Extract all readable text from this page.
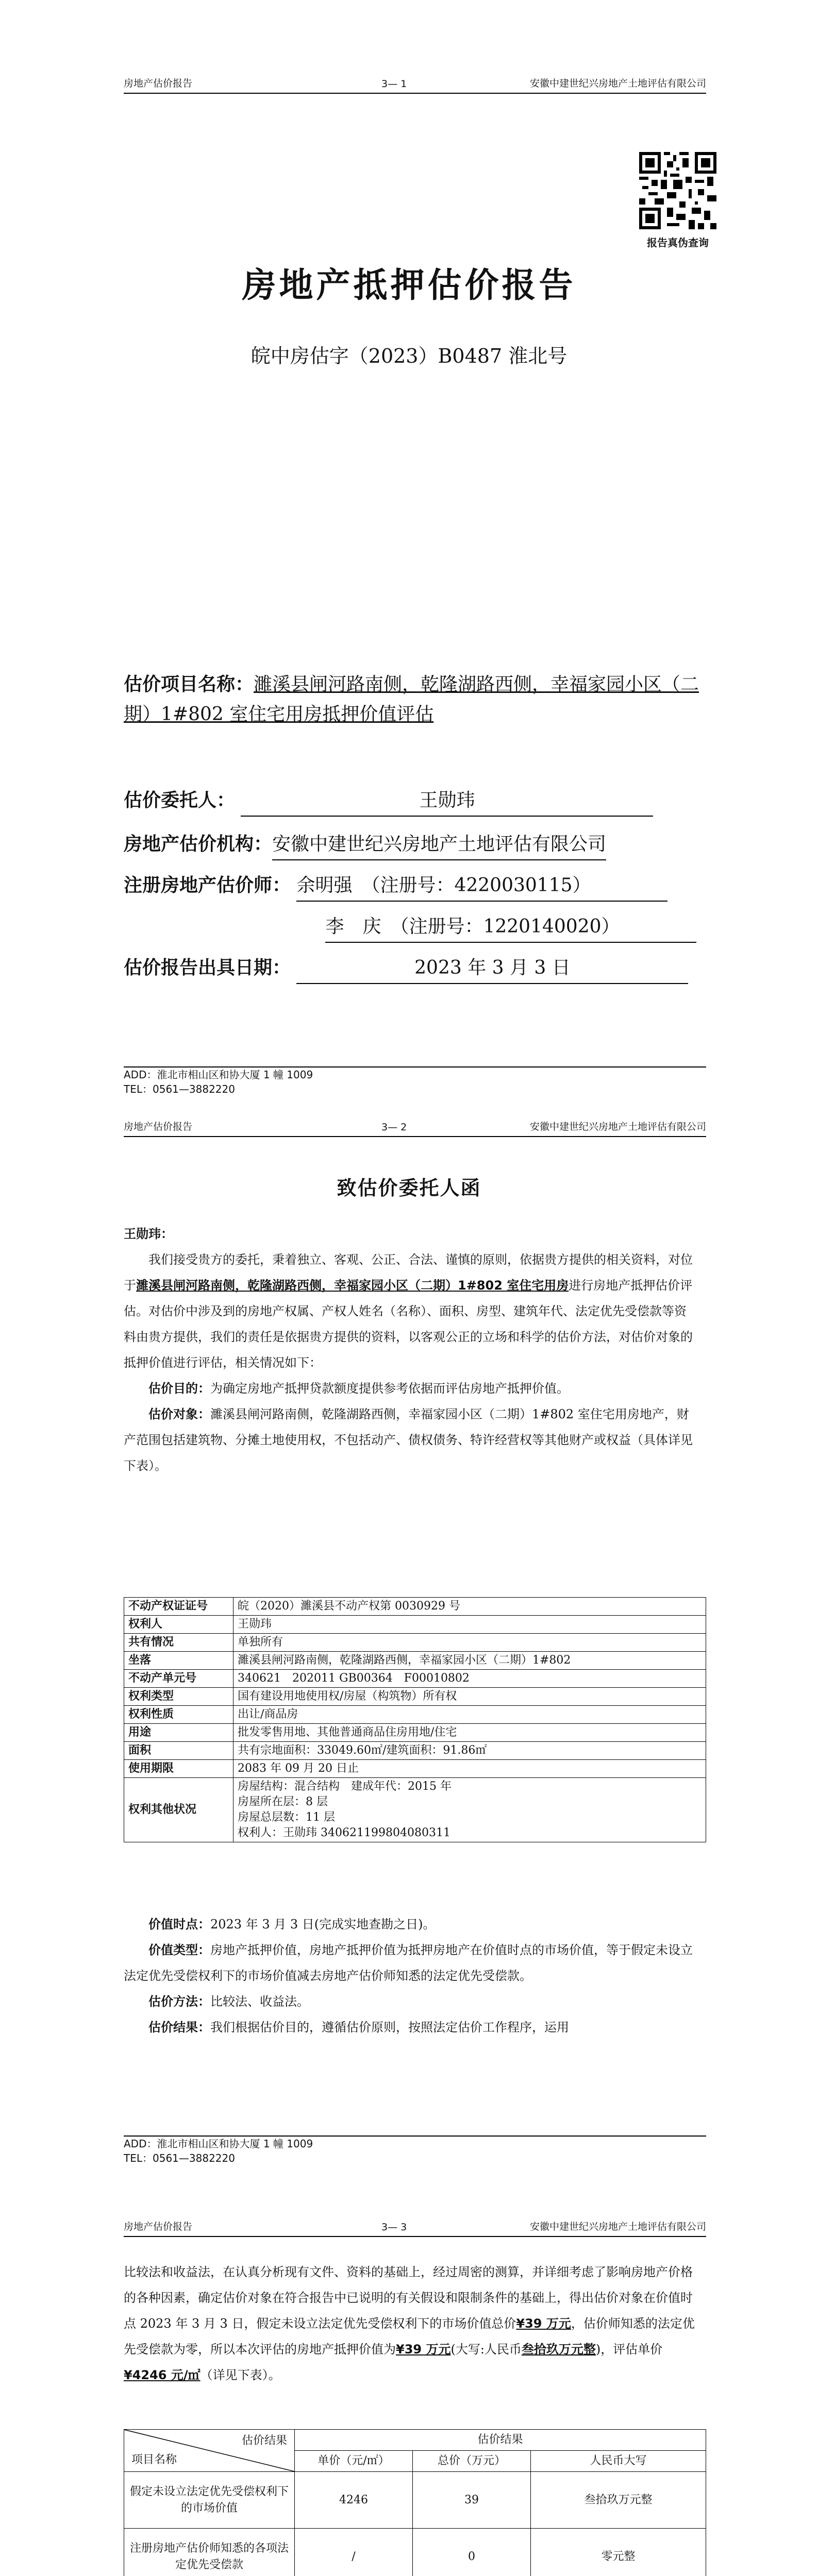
房地产估价报告	3— 1	安徽中建世纪兴房地产土地评估有限公司
报告真伪查询
房地产抵押估价报告
皖中房估字（2023）B0487 淮北号
估价项目名称：濉溪县闸河路南侧，乾隆湖路西侧，幸福家园小区（二期）1#802 室住宅用房抵押价值评估
估价委托人：	王勋玮
房地产估价机构：安徽中建世纪兴房地产土地评估有限公司
注册房地产估价师： 余明强　（注册号：4220030115）
李　庆　（注册号：1220140020）
估价报告出具日期：	2023 年 3 月 3 日
ADD：淮北市相山区和协大厦 1 幢 1009
TEL：0561—3882220
房地产估价报告	3— 2	安徽中建世纪兴房地产土地评估有限公司
致估价委托人函

王勋玮：

我们接受贵方的委托，秉着独立、客观、公正、合法、谨慎的原则，依据贵方提供的相关资料，对位于濉溪县闸河路南侧，乾隆湖路西侧，幸福家园小区（二期）1#802 室住宅用房进行房地产抵押估价评估。对估价中涉及到的房地产权属、产权人姓名（名称）、面积、房型、建筑年代、法定优先受偿款等资料由贵方提供，我们的责任是依据贵方提供的资料，以客观公正的立场和科学的估价方法，对估价对象的抵押价值进行评估，相关情况如下：

估价目的：为确定房地产抵押贷款额度提供参考依据而评估房地产抵押价值。

估价对象：濉溪县闸河路南侧，乾隆湖路西侧，幸福家园小区（二期）1#802 室住宅用房地产，财产范围包括建筑物、分摊土地使用权，不包括动产、债权债务、特许经营权等其他财产或权益（具体详见下表）。

不动产权证证号	皖（2020）濉溪县不动产权第 0030929 号
权利人	王勋玮
共有情况	单独所有
坐落	濉溪县闸河路南侧，乾隆湖路西侧，幸福家园小区（二期）1#802
不动产单元号	340621　202011 GB00364　F00010802
权利类型	国有建设用地使用权/房屋（构筑物）所有权
权利性质	出让/商品房
用途	批发零售用地、其他普通商品住房用地/住宅
面积	共有宗地面积：33049.60㎡/建筑面积：91.86㎡
使用期限	2083 年 09 月 20 日止
权利其他状况	房屋结构：混合结构　建成年代：2015 年
房屋所在层：8 层
房屋总层数：11 层
权利人：王勋玮 340621199804080311

价值时点：2023 年 3 月 3 日(完成实地查勘之日)。

价值类型：房地产抵押价值，房地产抵押价值为抵押房地产在价值时点的市场价值，等于假定未设立法定优先受偿权利下的市场价值减去房地产估价师知悉的法定优先受偿款。

估价方法：比较法、收益法。

估价结果：我们根据估价目的，遵循估价原则，按照法定估价工作程序，运用

ADD：淮北市相山区和协大厦 1 幢 1009
TEL：0561—3882220
房地产估价报告	3— 3	安徽中建世纪兴房地产土地评估有限公司

比较法和收益法，在认真分析现有文件、资料的基础上，经过周密的测算，并详细考虑了影响房地产价格的各种因素，确定估价对象在符合报告中已说明的有关假设和限制条件的基础上，得出估价对象在价值时点 2023 年 3 月 3 日，假定未设立法定优先受偿权利下的市场价值总价¥39 万元，估价师知悉的法定优先受偿款为零，所以本次评估的房地产抵押价值为¥39 万元(大写:人民币叁拾玖万元整)，评估单价¥4246 元/㎡（详见下表）。

估价结果
项目名称	估价结果		
	单价（元/㎡）	总价（万元）	人民币大写
假定未设立法定优先受偿权利下的市场价值	4246	39	叁拾玖万元整
注册房地产估价师知悉的各项法定优先受偿款	/	0	零元整
